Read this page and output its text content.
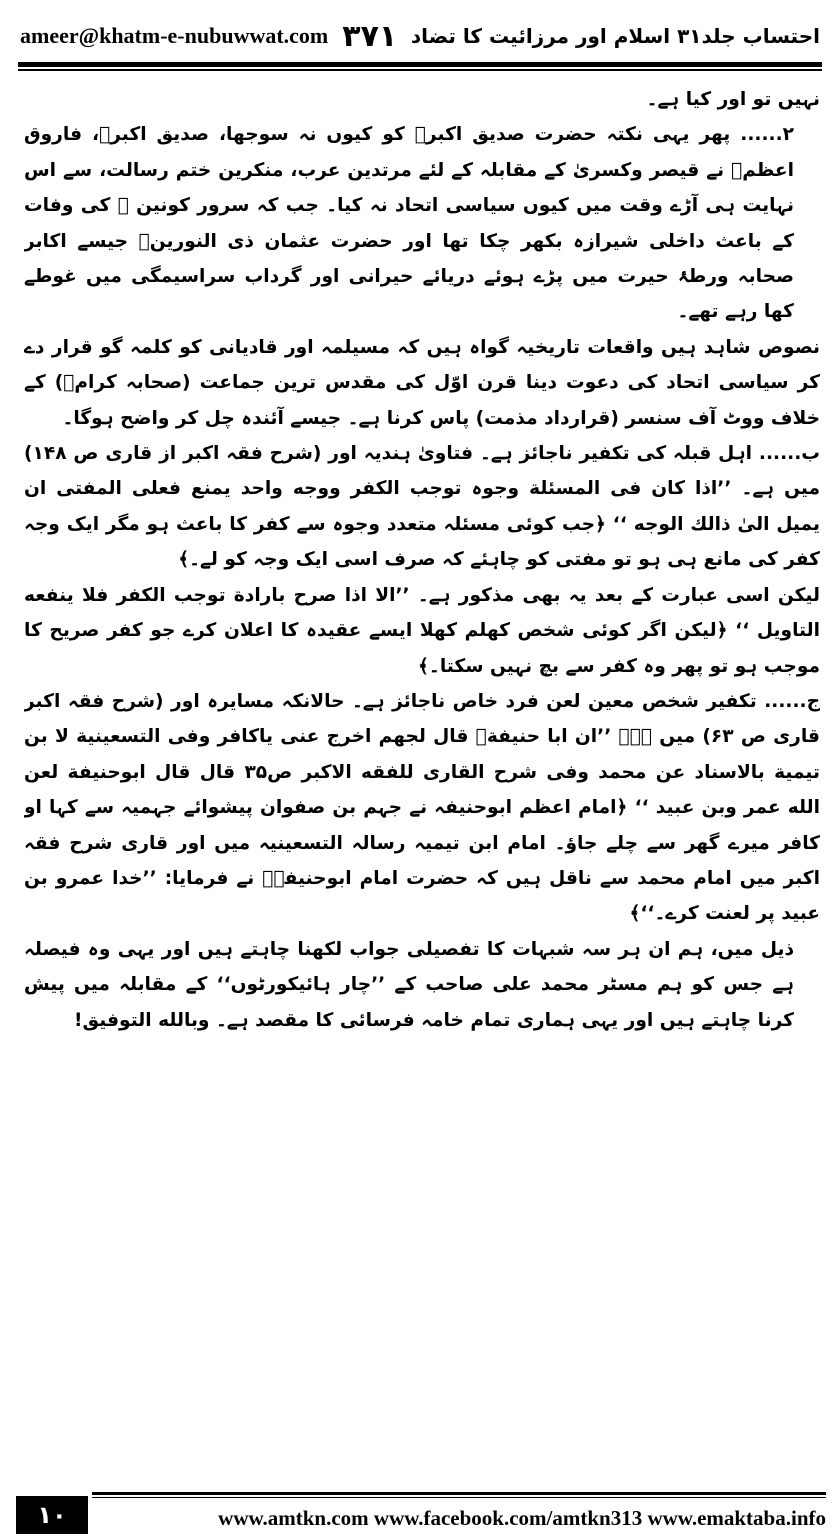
ameer@khatm-e-nubuwwat.com ۳۷۱ احتساب جلد۳۱ اسلام اور مرزائیت کا تضاد

نہیں تو اور کیا ہے۔

۲...... پھر یہی نکتہ حضرت صدیق اکبرؓ کو کیوں نہ سوجھا، صدیق اکبرؓ، فاروق اعظمؓ نے قیصر وکسریٰ کے مقابلہ کے لئے مرتدین عرب، منکرین ختم رسالت، سے اس نہایت ہی آڑے وقت میں کیوں سیاسی اتحاد نہ کیا۔ جب کہ سرور کونین ﷺ کی وفات کے باعث داخلی شیرازہ بکھر چکا تھا اور حضرت عثمان ذی النورینؓ جیسے اکابر صحابہ ورطۂ حیرت میں پڑے ہوئے دریائے حیرانی اور گرداب سراسیمگی میں غوطے کھا رہے تھے۔

نصوص شاہد ہیں واقعات تاریخیہ گواہ ہیں کہ مسیلمہ اور قادیانی کو کلمہ گو قرار دے کر سیاسی اتحاد کی دعوت دینا قرن اوّل کی مقدس ترین جماعت (صحابہ کرامؓ) کے خلاف ووٹ آف سنسر (قرارداد مذمت) پاس کرنا ہے۔ جیسے آئندہ چل کر واضح ہوگا۔

ب...... اہل قبلہ کی تکفیر ناجائز ہے۔ فتاویٰ ہندیہ اور (شرح فقہ اکبر از قاری ص ۱۴۸) میں ہے۔ ’’اذا کان فی المسئلة وجوہ توجب الکفر ووجه واحد یمنع فعلی المفتی ان یمیل الیٰ ذالك الوجه ‘‘ ﴿جب کوئی مسئلہ متعدد وجوہ سے کفر کا باعث ہو مگر ایک وجہ کفر کی مانع ہی ہو تو مفتی کو چاہئے کہ صرف اسی ایک وجہ کو لے۔﴾

لیکن اسی عبارت کے بعد یہ بھی مذکور ہے۔ ’’الا اذا صرح بارادة توجب الکفر فلا ینفعه التاویل ‘‘ ﴿لیکن اگر کوئی شخص کھلم کھلا ایسے عقیدہ کا اعلان کرے جو کفر صریح کا موجب ہو تو پھر وہ کفر سے بچ نہیں سکتا۔﴾

ج...... تکفیر شخص معین لعن فرد خاص ناجائز ہے۔ حالانکہ مسایرہ اور (شرح فقہ اکبر قاری ص ۶۳) میں ہے۔ ’’ان ابا حنیفةؒ قال لجهم اخرج عنی یاکافر وفی التسعینیة لا بن تیمیة بالاسناد عن محمد وفی شرح القاری للفقه الاکبر ص۳۵ قال قال ابوحنیفة لعن الله عمر وبن عبید ‘‘ ﴿امام اعظم ابوحنیفہ نے جہم بن صفوان پیشوائے جہمیہ سے کہا او کافر میرے گھر سے چلے جاؤ۔ امام ابن تیمیہ رسالہ التسعینیہ میں اور قاری شرح فقہ اکبر میں امام محمد سے ناقل ہیں کہ حضرت امام ابوحنیفہؒ نے فرمایا: ’’خدا عمرو بن عبید پر لعنت کرے۔‘‘﴾

ذیل میں، ہم ان ہر سہ شبہات کا تفصیلی جواب لکھنا چاہتے ہیں اور یہی وہ فیصلہ ہے جس کو ہم مسٹر محمد علی صاحب کے ’’چار ہائیکورٹوں‘‘ کے مقابلہ میں پیش کرنا چاہتے ہیں اور یہی ہماری تمام خامہ فرسائی کا مقصد ہے۔ وبالله التوفیق!

۱۰	www.amtkn.com www.facebook.com/amtkn313 www.emaktaba.info
